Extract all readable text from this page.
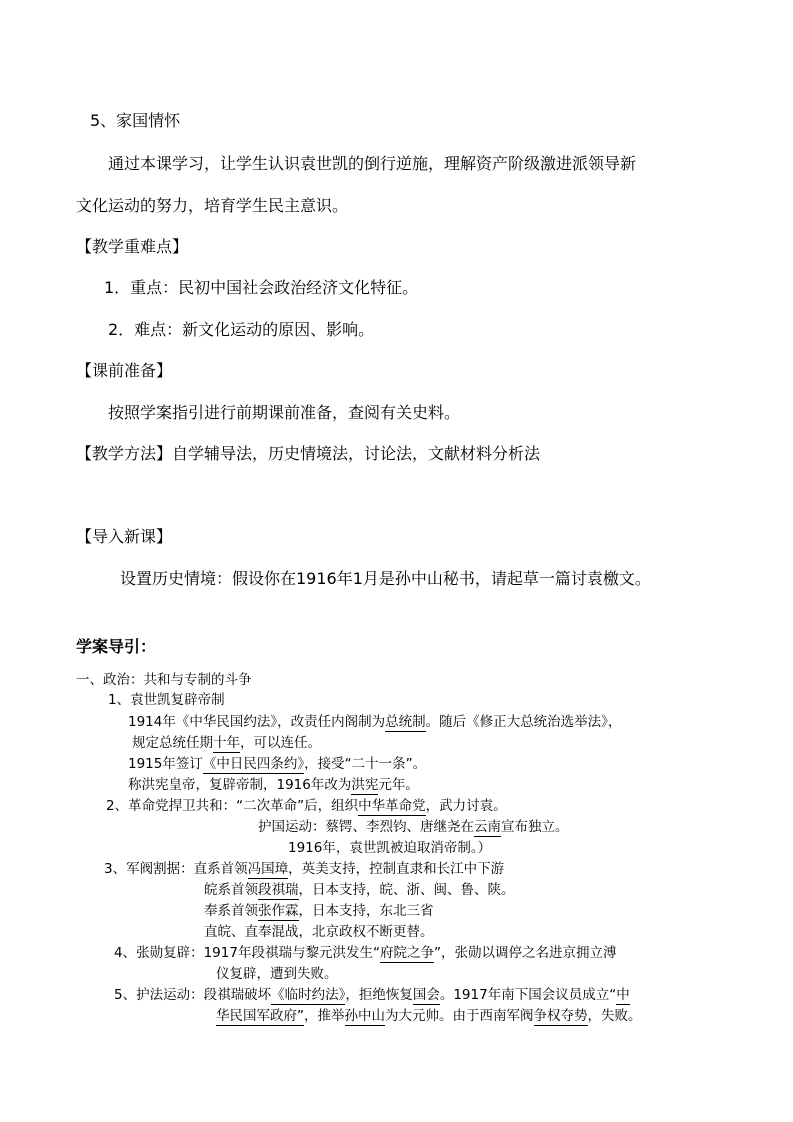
5、家国情怀
通过本课学习，让学生认识袁世凯的倒行逆施，理解资产阶级激进派领导新
文化运动的努力，培育学生民主意识。
【教学重难点】
1．重点：民初中国社会政治经济文化特征。
2．难点：新文化运动的原因、影响。
【课前准备】
按照学案指引进行前期课前准备，查阅有关史料。
【教学方法】自学辅导法，历史情境法，讨论法，文献材料分析法
【导入新课】
设置历史情境：假设你在1916年1月是孙中山秘书，请起草一篇讨袁檄文。
学案导引：
一、政治：共和与专制的斗争
1、袁世凯复辟帝制
1914年《中华民国约法》，改责任内阁制为总统制。随后《修正大总统治选举法》，
规定总统任期十年，可以连任。
1915年签订《中日民四条约》，接受“二十一条”。
称洪宪皇帝，复辟帝制，1916年改为洪宪元年。
2、革命党捍卫共和：“二次革命”后，组织中华革命党，武力讨袁。
护国运动：蔡锷、李烈钧、唐继尧在云南宣布独立。
1916年，袁世凯被迫取消帝制。）
3、军阀割据：直系首领冯国璋，英美支持，控制直隶和长江中下游
皖系首领段祺瑞，日本支持，皖、浙、闽、鲁、陕。
奉系首领张作霖，日本支持，东北三省
直皖、直奉混战，北京政权不断更替。
4、张勋复辟：1917年段祺瑞与黎元洪发生“府院之争”，张勋以调停之名进京拥立溥
仪复辟，遭到失败。
5、护法运动：段祺瑞破坏《临时约法》，拒绝恢复国会。1917年南下国会议员成立“中
华民国军政府”，推举孙中山为大元帅。由于西南军阀争权夺势，失败。
